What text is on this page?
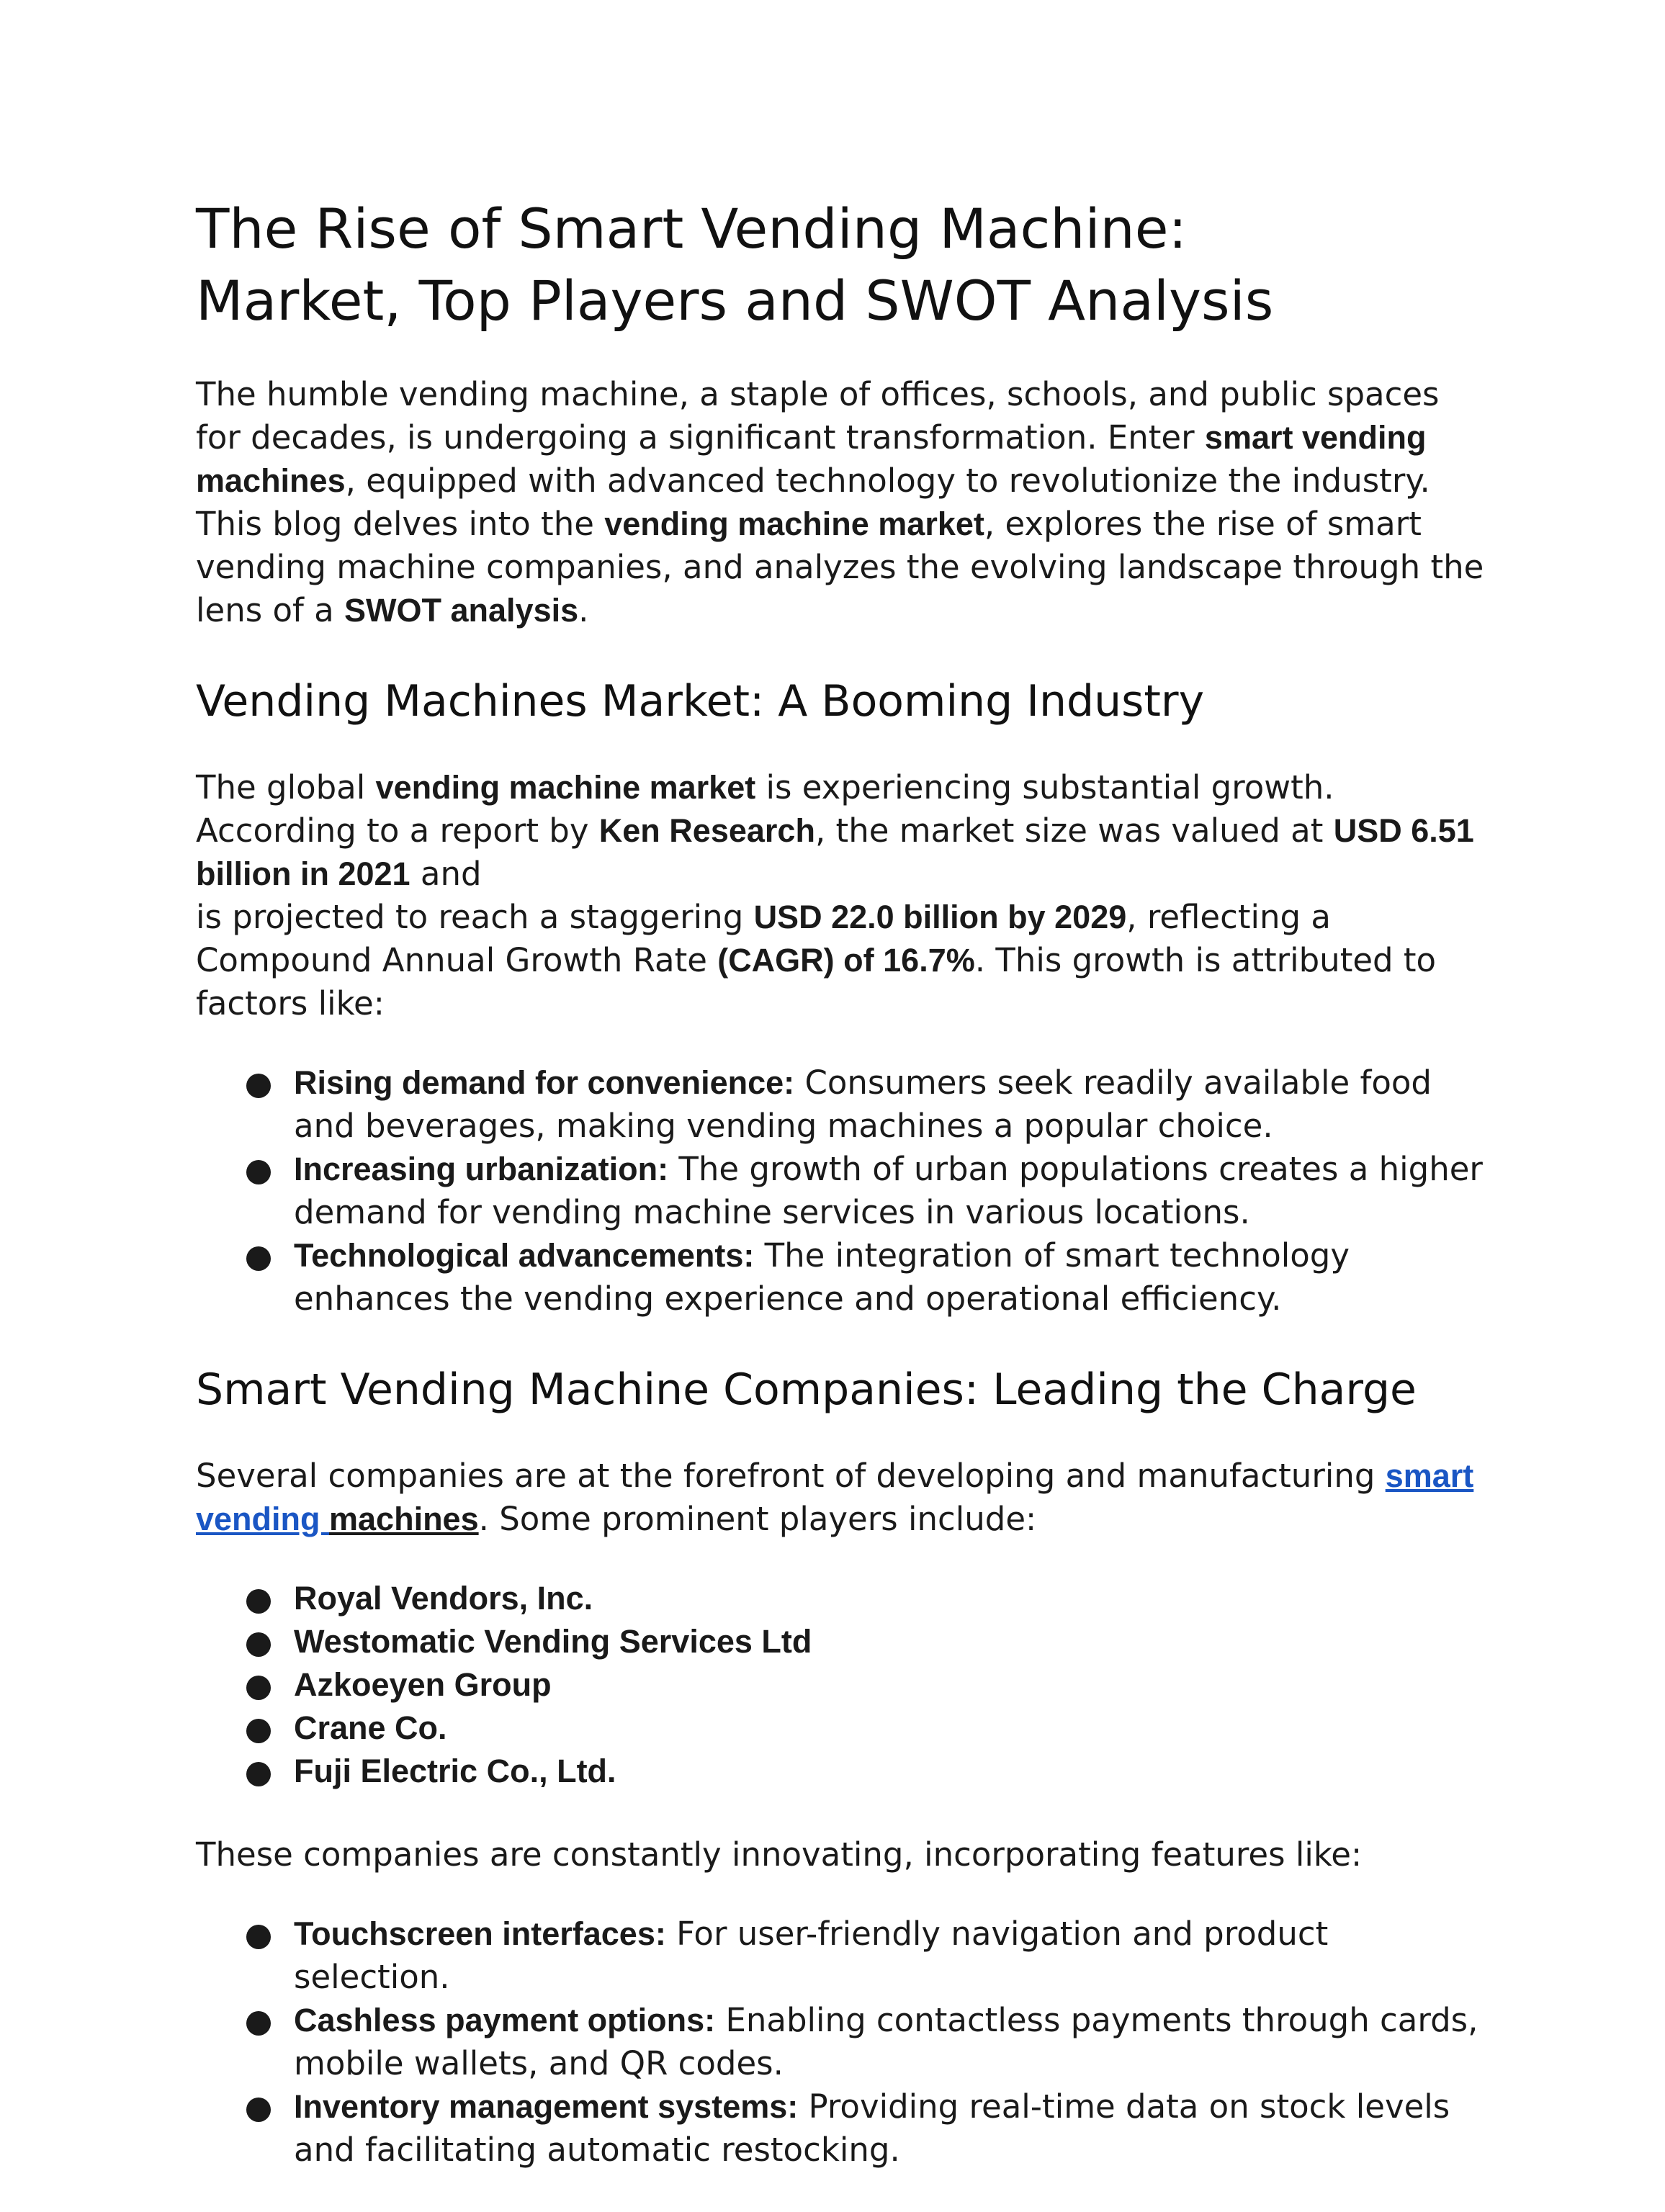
The Rise of Smart Vending Machine:
Market, Top Players and SWOT Analysis

The humble vending machine, a staple of offices, schools, and public spaces for decades, is undergoing a significant transformation. Enter smart vending machines, equipped with advanced technology to revolutionize the industry. This blog delves into the vending machine market, explores the rise of smart vending machine companies, and analyzes the evolving landscape through the lens of a SWOT analysis.

Vending Machines Market: A Booming Industry

The global vending machine market is experiencing substantial growth. According to a report by Ken Research, the market size was valued at USD 6.51 billion in 2021 and
is projected to reach a staggering USD 22.0 billion by 2029, reflecting a Compound Annual Growth Rate (CAGR) of 16.7%. This growth is attributed to factors like:

Rising demand for convenience: Consumers seek readily available food and beverages, making vending machines a popular choice.
Increasing urbanization: The growth of urban populations creates a higher demand for vending machine services in various locations.
Technological advancements: The integration of smart technology enhances the vending experience and operational efficiency.
Smart Vending Machine Companies: Leading the Charge

Several companies are at the forefront of developing and manufacturing smart vending machines. Some prominent players include:

Royal Vendors, Inc.
Westomatic Vending Services Ltd
Azkoeyen Group
Crane Co.
Fuji Electric Co., Ltd.

These companies are constantly innovating, incorporating features like:

Touchscreen interfaces: For user-friendly navigation and product selection.
Cashless payment options: Enabling contactless payments through cards, mobile wallets, and QR codes.
Inventory management systems: Providing real-time data on stock levels and facilitating automatic restocking.
